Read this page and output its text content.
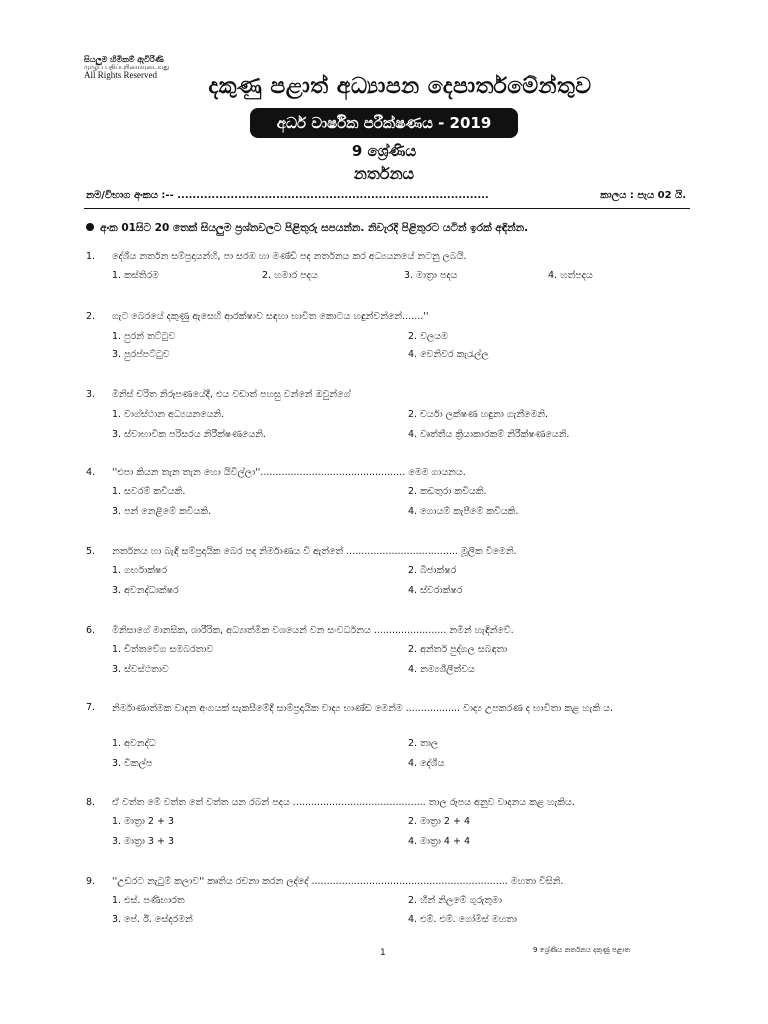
සියලුම හිමිකම් ඇවිරිණි
முழுப் பதிப்புரிமையுடையது
All Rights Reserved	දකුණු පළාත් අධ්‍යාපන දෙපාර්තමේන්තුව
අර්ධ වාර්ෂික පරීක්ෂණය - 2019
9 ශ්‍රේණිය
නර්තනය
නම/විභාග අංකය :-- ..................................................................................	කාලය : පැය 02 යි.
අංක 01සිට 20 තෙක් සියලුම ප්‍රශ්නවලට පිළිතුරු සපයන්න. නිවැරදි පිළිතුරට යටින් ඉරක් අඳින්න.
1.	දේශීය නර්තන සම්ප්‍රදායන්හි, පා සරඹ හා මණ්ඩි පද නර්තනය කර අධ්‍යයනයේ නටනු ලබයි.
1. කස්තිරම	2. හමාර පදය	3. මාත්‍රා පදය	4. හත්පදය
2.	ගැට බෙරයේ දකුණු ඇසෙහි ආරක්ෂාව සඳහා භාවිත කොටය හඳුන්වන්නේ.......''
1. පුරන් තට්ටුව	2. වලයම
3. පුරප්පට්ටුව	4. වෙනිවර කැරැල්ල
3.	මිනිස් චරිත නිරූපණයේදී, එය වඩාත් පහසු වන්නේ ඔවුන්ගේ
1. වාග්ස්ථාන අධ්‍යයනයෙනි.	2. චර්යා ලක්ෂණ හඳුනා ගැනීමෙනි.
3. ස්වාභාවික පරිසරය නිරීක්ෂණයෙනි.	4. වෘත්තීය ක්‍රියාකාරකම් නිරීක්ෂණයෙනි.
4.	''එපා කියන තැන තැන හො යිවිල්ලා''................................................ මෙම ගායනය.
1. සවරම් කවියකි.	2. කඩතුරා කවියකි.
3. පන් නෙළීමේ කවියකි.	4. ගොයම් කැපීමේ කවියකි.
5.	නර්තනය හා බැඳි සම්ප්‍රදායික බෙර පද නිර්මාණය වී ඇත්තේ ..................................... මූලික වීමෙනි.
1. ගර්භාක්ෂර	2. බීජාක්ෂර
3. අවනද්ධාක්ෂර	4. ස්වරාක්ෂර
6.	මිනිසාගේ මානසික, ශාරීරික, අධ්‍යාත්මික වශයෙන් වන සංවර්ධනය ........................ නමින් හැඳින්වේ.
1. චිත්තවේග සමබරතාව	2. අන්තර් පුද්ගල සබඳතා
3. ස්වස්ථතාව	4. නම්‍යශීලීත්වය
7.	නිර්මාණාත්මක වාදන අංගයක් සැකසීමේදී සාම්ප්‍රදායික වාද්‍ය භාණ්ඩ මෙන්ම .................. වාද්‍ය උපකරණ ද භාවිතා කළ හැකි ය.
1. අවනද්ධ	2. තාල
3. විකල්ප	4. දේශීය
8.	ඒ වත්ත මේ වත්ත තේ වත්ත යන රබන් පදය ............................................ තාල රූපය අනුව වාදනය කළ හැකිය.
1. මාත්‍රා 2 + 3	2. මාත්‍රා 2 + 4
3. මාත්‍රා 3 + 3	4. මාත්‍රා 4 + 4
9.	''උඩරට නැටුම් කලාව'' කෘතිය රචනා කරන ලද්දේ ................................................................. මහතා විසිනි.
1. එස්. පණිභාරත	2. හීන් නිලමේ ගුරුතුමා
3. පේ. ඊ. සේදරමන්	4. එම්. එම්. ගෝමිස් මහතා
1	9 ශ්‍රේණිය නර්තනය දකුණු පළාත
